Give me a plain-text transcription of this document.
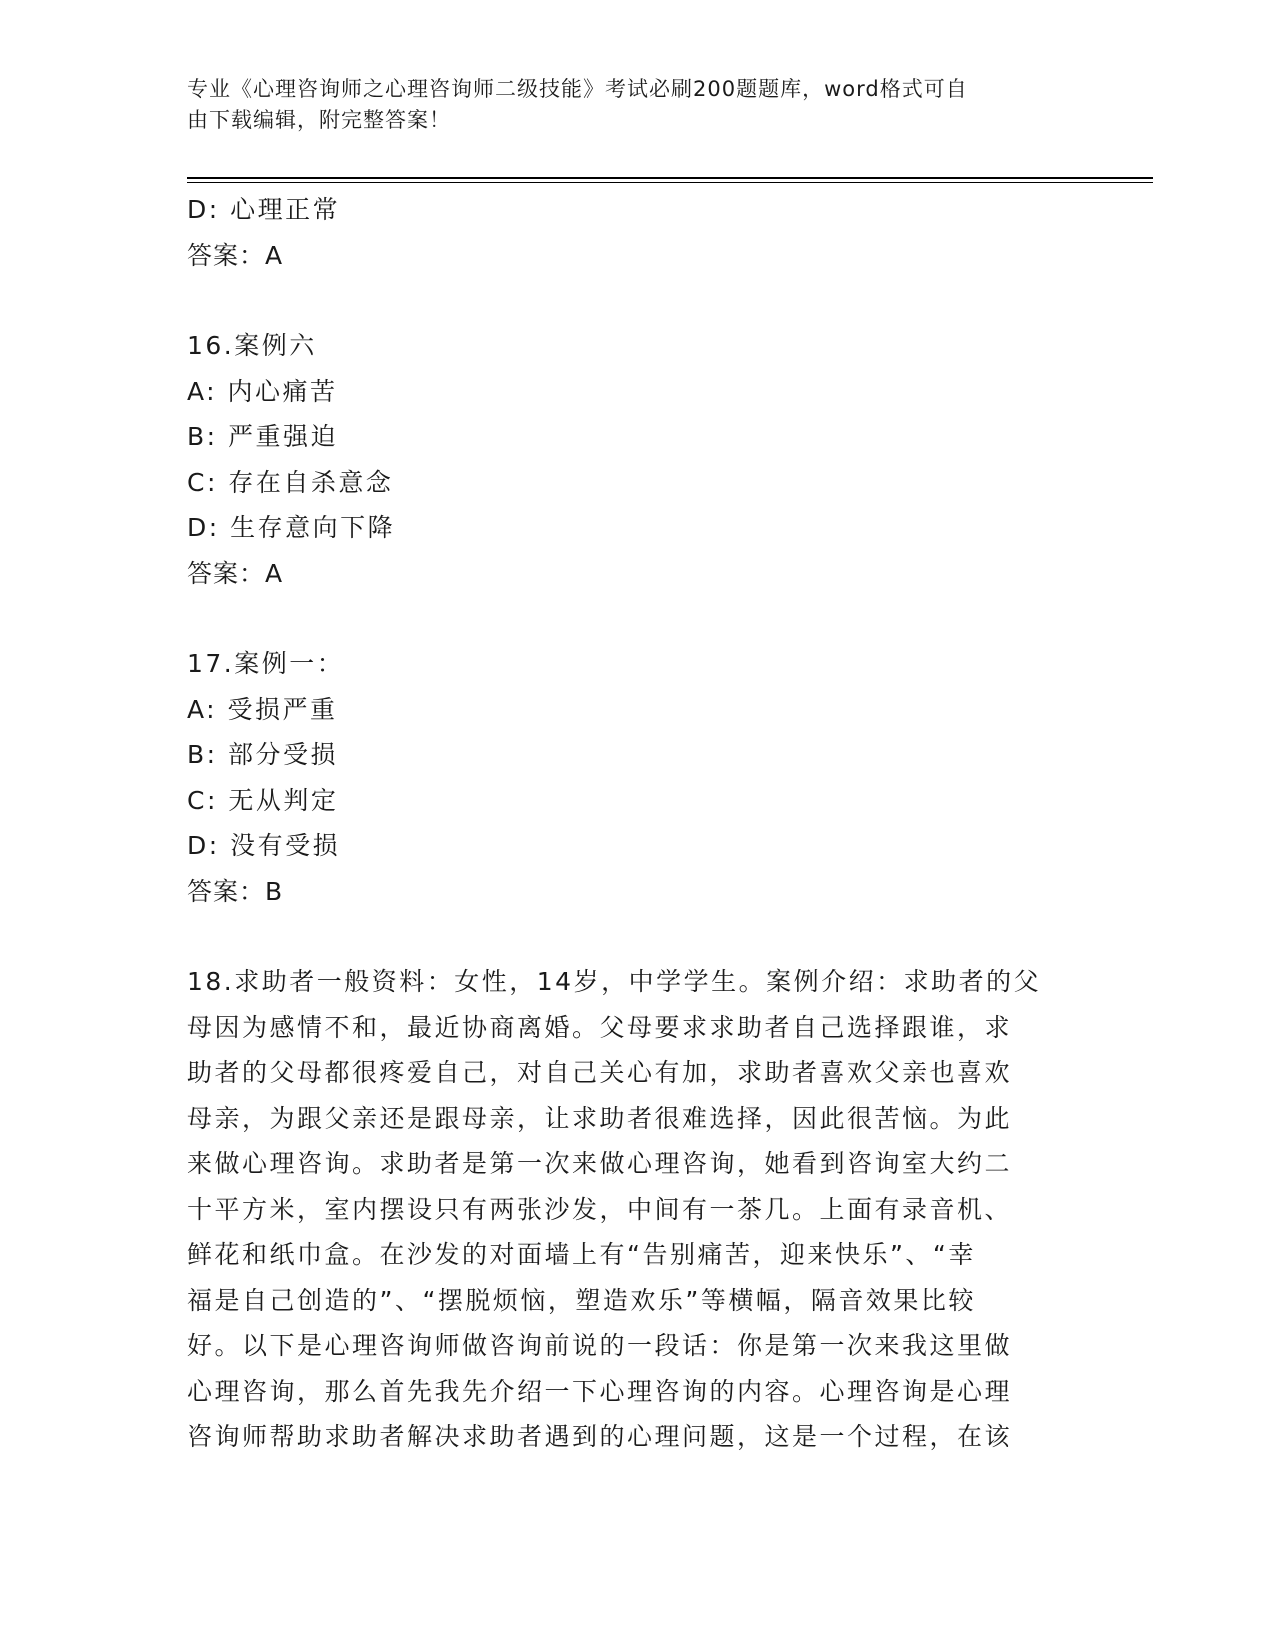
专业《心理咨询师之心理咨询师二级技能》考试必刷200题题库，word格式可自
由下载编辑，附完整答案！
D: 心理正常
答案：A
16.案例六
A: 内心痛苦
B: 严重强迫
C: 存在自杀意念
D: 生存意向下降
答案：A
17.案例一：
A: 受损严重
B: 部分受损
C: 无从判定
D: 没有受损
答案：B
18.求助者一般资料：女性，14岁，中学学生。案例介绍：求助者的父
母因为感情不和，最近协商离婚。父母要求求助者自己选择跟谁，求
助者的父母都很疼爱自己，对自己关心有加，求助者喜欢父亲也喜欢
母亲，为跟父亲还是跟母亲，让求助者很难选择，因此很苦恼。为此
来做心理咨询。求助者是第一次来做心理咨询，她看到咨询室大约二
十平方米，室内摆设只有两张沙发，中间有一茶几。上面有录音机、
鲜花和纸巾盒。在沙发的对面墙上有“告别痛苦，迎来快乐”、“幸
福是自己创造的”、“摆脱烦恼，塑造欢乐”等横幅，隔音效果比较
好。以下是心理咨询师做咨询前说的一段话：你是第一次来我这里做
心理咨询，那么首先我先介绍一下心理咨询的内容。心理咨询是心理
咨询师帮助求助者解决求助者遇到的心理问题，这是一个过程，在该
